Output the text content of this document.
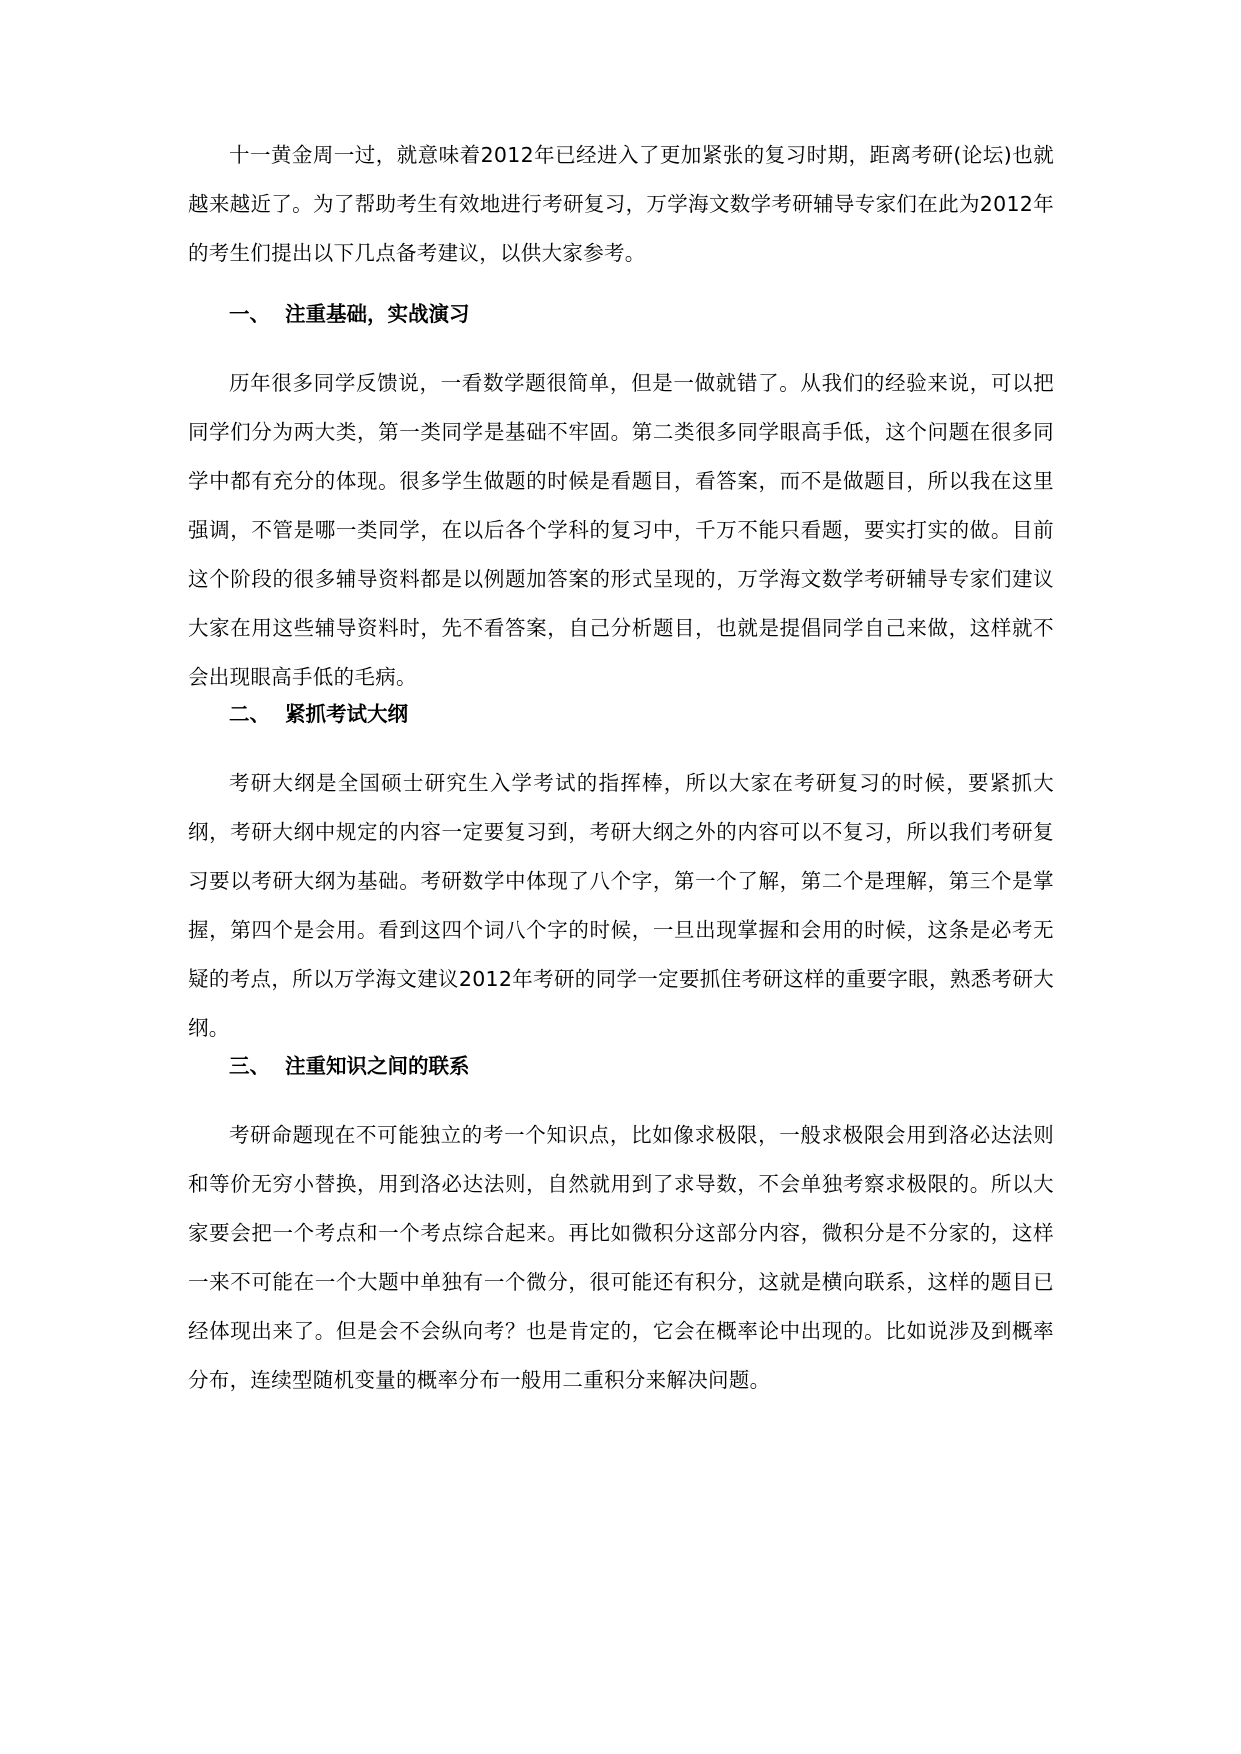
十一黄金周一过，就意味着2012年已经进入了更加紧张的复习时期，距离考研(论坛)也就越来越近了。为了帮助考生有效地进行考研复习，万学海文数学考研辅导专家们在此为2012年的考生们提出以下几点备考建议，以供大家参考。

一、 注重基础，实战演习

历年很多同学反馈说，一看数学题很简单，但是一做就错了。从我们的经验来说，可以把同学们分为两大类，第一类同学是基础不牢固。第二类很多同学眼高手低，这个问题在很多同学中都有充分的体现。很多学生做题的时候是看题目，看答案，而不是做题目，所以我在这里强调，不管是哪一类同学，在以后各个学科的复习中，千万不能只看题，要实打实的做。目前这个阶段的很多辅导资料都是以例题加答案的形式呈现的，万学海文数学考研辅导专家们建议大家在用这些辅导资料时，先不看答案，自己分析题目，也就是提倡同学自己来做，这样就不会出现眼高手低的毛病。

二、 紧抓考试大纲

考研大纲是全国硕士研究生入学考试的指挥棒，所以大家在考研复习的时候，要紧抓大纲，考研大纲中规定的内容一定要复习到，考研大纲之外的内容可以不复习，所以我们考研复习要以考研大纲为基础。考研数学中体现了八个字，第一个了解，第二个是理解，第三个是掌握，第四个是会用。看到这四个词八个字的时候，一旦出现掌握和会用的时候，这条是必考无疑的考点，所以万学海文建议2012年考研的同学一定要抓住考研这样的重要字眼，熟悉考研大纲。

三、 注重知识之间的联系

考研命题现在不可能独立的考一个知识点，比如像求极限，一般求极限会用到洛必达法则和等价无穷小替换，用到洛必达法则，自然就用到了求导数，不会单独考察求极限的。所以大家要会把一个考点和一个考点综合起来。再比如微积分这部分内容，微积分是不分家的，这样一来不可能在一个大题中单独有一个微分，很可能还有积分，这就是横向联系，这样的题目已经体现出来了。但是会不会纵向考？也是肯定的，它会在概率论中出现的。比如说涉及到概率分布，连续型随机变量的概率分布一般用二重积分来解决问题。
